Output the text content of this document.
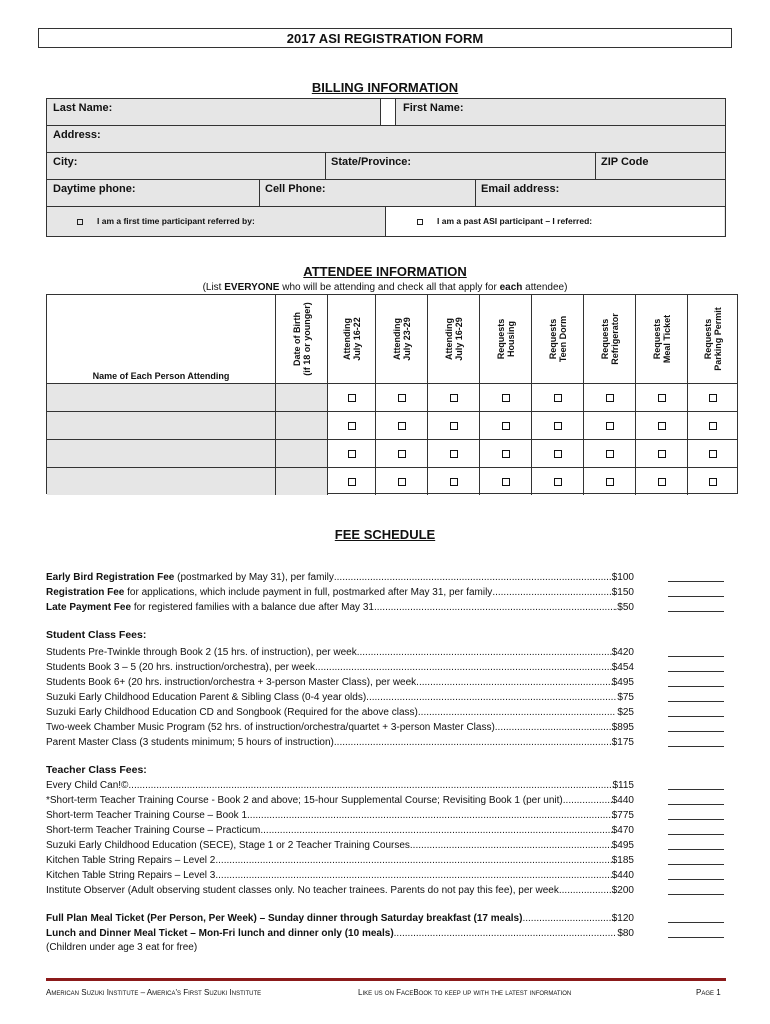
2017 ASI REGISTRATION FORM
BILLING INFORMATION
Last Name:	First Name:
Address:
City:	State/Province:	ZIP Code
Daytime phone:	Cell Phone:	Email address:
I am a first time participant referred by:	I am a past ASI participant – I referred:
ATTENDEE INFORMATION
(List EVERYONE who will be attending and check all that apply for each attendee)
Name of Each Person Attending
Date of Birth (if 18 or younger)	Attending July 16-22	Attending July 23-29	Attending July 16-29	Requests Housing	Requests Teen Dorm	Requests Refrigerator	Requests Meal Ticket	Requests Parking Permit
FEE SCHEDULE
Early Bird Registration Fee (postmarked by May 31), per family .....	$100
Registration Fee for applications, which include payment in full, postmarked after May 31, per family .....	$150
Late Payment Fee for registered families with a balance due after May 31 .....	.$50
Student Class Fees:
Students Pre-Twinkle through Book 2 (15 hrs. of instruction), per week .....	$420
Students Book 3 – 5 (20 hrs. instruction/orchestra), per week .....	$454
Students Book 6+ (20 hrs. instruction/orchestra + 3-person Master Class), per week .....	$495
Suzuki Early Childhood Education Parent & Sibling Class (0-4 year olds) .....	$75
Suzuki Early Childhood Education CD and Songbook (Required for the above class) .....	$25
Two-week Chamber Music Program (52 hrs. of instruction/orchestra/quartet + 3-person Master Class) .....	$895
Parent Master Class (3 students minimum; 5 hours of instruction) .....	$175
Teacher Class Fees:
Every Child Can!© .....	$115
*Short-term Teacher Training Course - Book 2 and above; 15-hour Supplemental Course; Revisiting Book 1 (per unit) .....	$440
Short-term Teacher Training Course – Book 1 .....	$775
Short-term Teacher Training Course – Practicum .....	$470
Suzuki Early Childhood Education (SECE), Stage 1 or 2 Teacher Training Courses .....	$495
Kitchen Table String Repairs – Level 2 .....	$185
Kitchen Table String Repairs – Level 3 .....	$440
Institute Observer (Adult observing student classes only. No teacher trainees. Parents do not pay this fee), per week .....	$200
Full Plan Meal Ticket (Per Person, Per Week) – Sunday dinner through Saturday breakfast (17 meals) .....	$120
Lunch and Dinner Meal Ticket – Mon-Fri lunch and dinner only (10 meals) .....	$80
(Children under age 3 eat for free)
American Suzuki Institute – America's First Suzuki Institute	Like us on FaceBook to keep up with the latest information	Page 1
